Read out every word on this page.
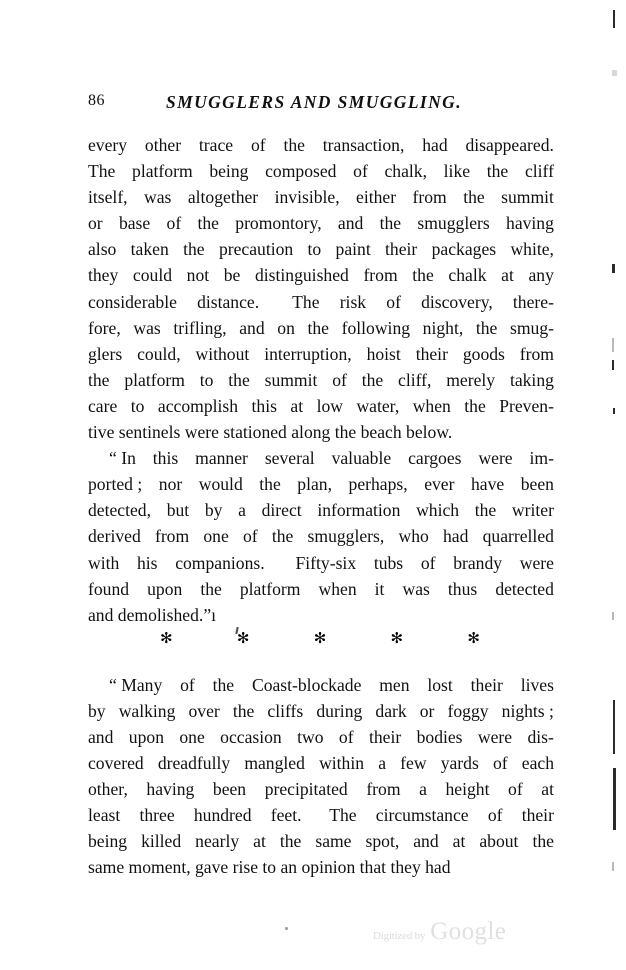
86	SMUGGLERS AND SMUGGLING.
every other trace of the transaction, had disappeared.
The platform being composed of chalk, like the cliff
itself, was altogether invisible, either from the summit
or base of the promontory, and the smugglers having
also taken the precaution to paint their packages white,
they could not be distinguished from the chalk at any
considerable distance. The risk of discovery, there-
fore, was trifling, and on the following night, the smug-
glers could, without interruption, hoist their goods from
the platform to the summit of the cliff, merely taking
care to accomplish this at low water, when the Preven-
tive sentinels were stationed along the beach below.
“ In this manner several valuable cargoes were im-
ported ; nor would the plan, perhaps, ever have been
detected, but by a direct information which the writer
derived from one of the smugglers, who had quarrelled
with his companions. Fifty-six tubs of brandy were
found upon the platform when it was thus detected
and demolished.”ı
“ Many of the Coast-blockade men lost their lives
by walking over the cliffs during dark or foggy nights ;
and upon one occasion two of their bodies were dis-
covered dreadfully mangled within a few yards of each
other, having been precipitated from a height of at
least three hundred feet. The circumstance of their
being killed nearly at the same spot, and at about the
same moment, gave rise to an opinion that they had
✻	✻	✻	✻	✻
Digitized by Google
